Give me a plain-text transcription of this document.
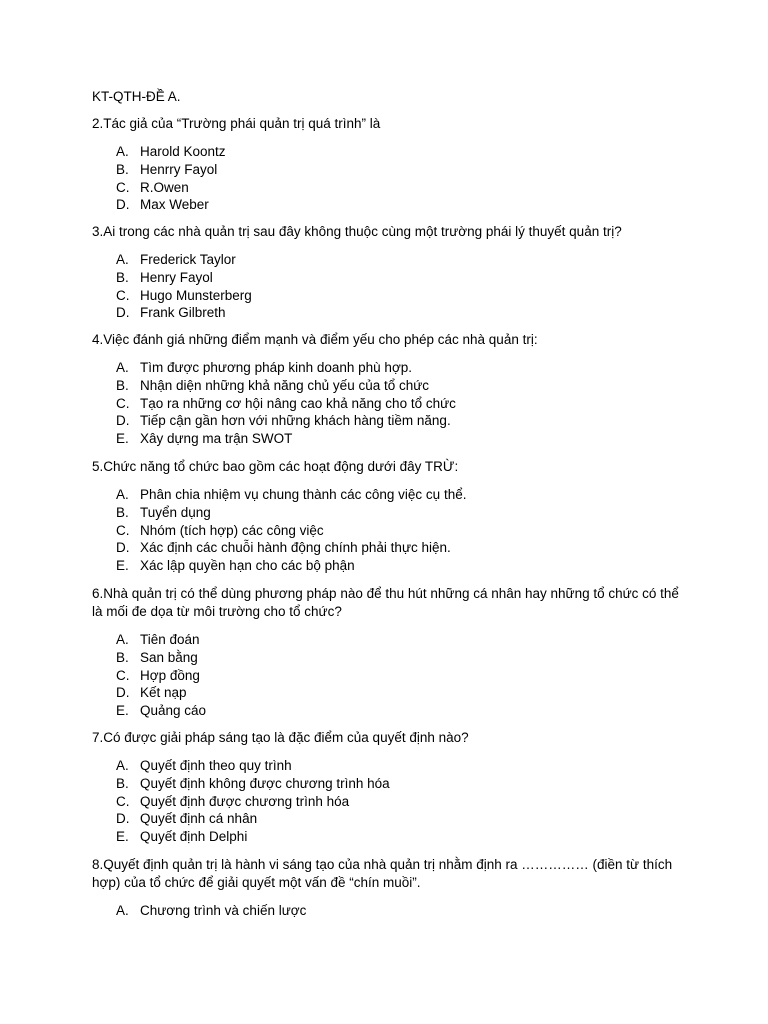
KT-QTH-ĐỀ A.
2.Tác giả của “Trường phái quản trị quá trình” là
A. Harold Koontz
B. Henrry Fayol
C. R.Owen
D. Max Weber
3.Ai trong các nhà quản trị sau đây không thuộc cùng một trường phái lý thuyết quản trị?
A. Frederick Taylor
B. Henry Fayol
C. Hugo Munsterberg
D. Frank Gilbreth
4.Việc đánh giá những điểm mạnh và điểm yếu cho phép các nhà quản trị:
A. Tìm được phương pháp kinh doanh phù hợp.
B. Nhận diện những khả năng chủ yếu của tổ chức
C. Tạo ra những cơ hội nâng cao khả năng cho tổ chức
D. Tiếp cận gần hơn với những khách hàng tiềm năng.
E. Xây dựng ma trận SWOT
5.Chức năng tổ chức bao gồm các hoạt động dưới đây TRỪ:
A. Phân chia nhiệm vụ chung thành các công việc cụ thể.
B. Tuyển dụng
C. Nhóm (tích hợp) các công việc
D. Xác định các chuỗi hành động chính phải thực hiện.
E. Xác lập quyền hạn cho các bộ phận
6.Nhà quản trị có thể dùng phương pháp nào để thu hút những cá nhân hay những tổ chức có thể là mối đe dọa từ môi trường cho tổ chức?
A. Tiên đoán
B. San bằng
C. Hợp đồng
D. Kết nạp
E. Quảng cáo
7.Có được giải pháp sáng tạo là đặc điểm của quyết định nào?
A. Quyết định theo quy trình
B. Quyết định không được chương trình hóa
C. Quyết định được chương trình hóa
D. Quyết định cá nhân
E. Quyết định Delphi
8.Quyết định quản trị là hành vi sáng tạo của nhà quản trị nhằm định ra …………… (điền từ thích hợp) của tổ chức để giải quyết một vấn đề “chín muồi”.
A. Chương trình và chiến lược
